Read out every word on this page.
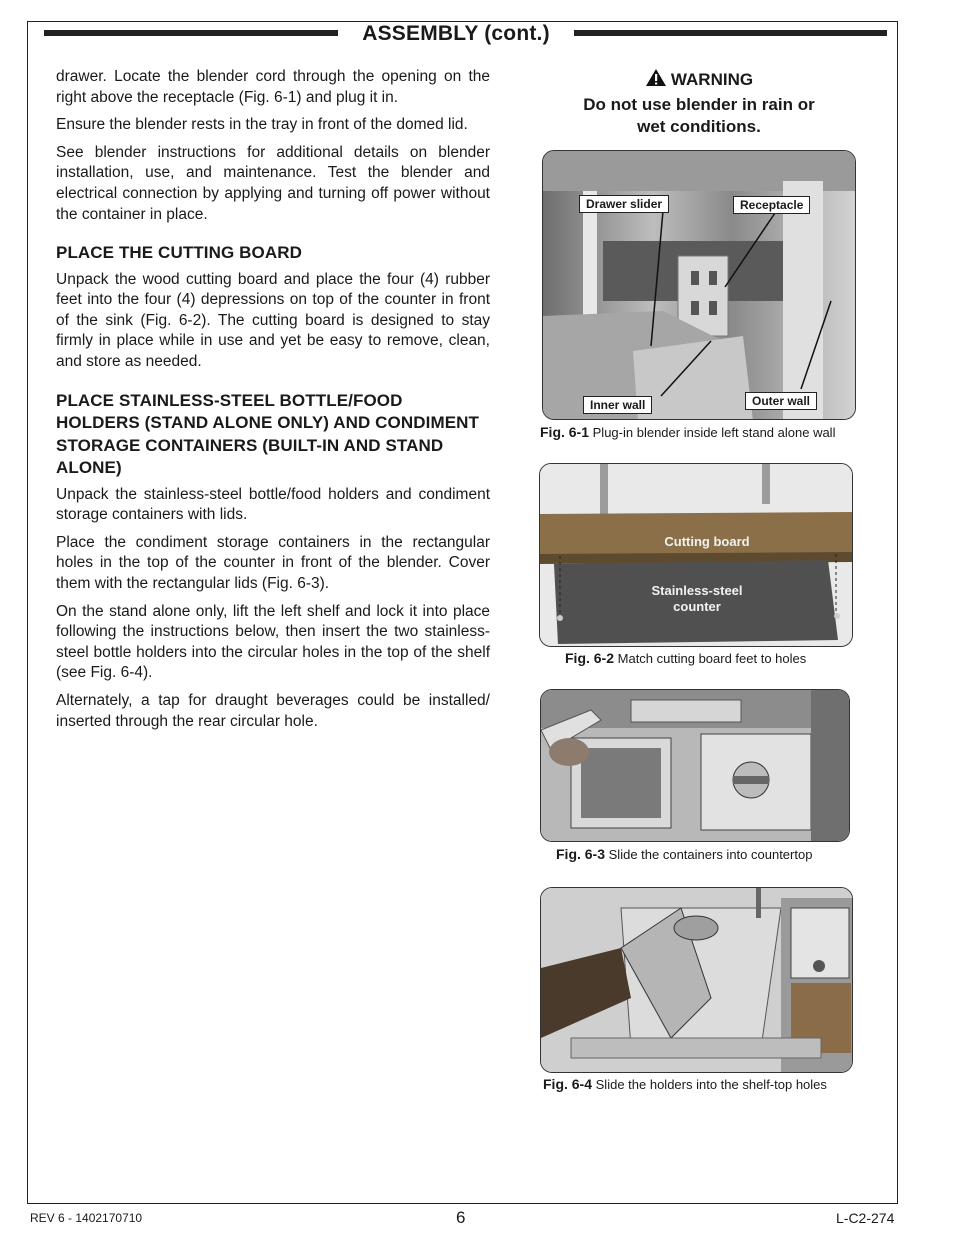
ASSEMBLY (cont.)

drawer. Locate the blender cord through the opening on the right above the receptacle (Fig. 6-1) and plug it in.

Ensure the blender rests in the tray in front of the domed lid.

See blender instructions for additional details on blender installation, use, and maintenance. Test the blender and electrical connection by applying and turning off power without the container in place.

PLACE THE CUTTING BOARD

Unpack the wood cutting board and place the four (4) rubber feet into the four (4) depressions on top of the counter in front of the sink (Fig. 6-2). The cutting board is designed to stay firmly in place while in use and yet be easy to remove, clean, and store as needed.

PLACE STAINLESS-STEEL BOTTLE/FOOD HOLDERS (STAND ALONE ONLY) AND CONDIMENT STORAGE CONTAINERS (BUILT-IN AND STAND ALONE)

Unpack the stainless-steel bottle/food holders and condiment storage containers with lids.

Place the condiment storage containers in the rectangular holes in the top of the counter in front of the blender. Cover them with the rectangular lids (Fig. 6-3).

On the stand alone only, lift the left shelf and lock it into place following the instructions below, then insert the two stainless-steel bottle holders into the circular holes in the top of the shelf (see Fig. 6-4).

Alternately, a tap for draught beverages could be installed/ inserted through the rear circular hole.

WARNING
Do not use blender in rain or
wet conditions.
Drawer slider	Receptacle
Inner wall	Outer wall
Fig. 6-1 Plug-in blender inside left stand alone wall
Cutting board
Stainless-steel
counter
Fig. 6-2 Match cutting board feet to holes
Fig. 6-3 Slide the containers into countertop
Fig. 6-4 Slide the holders into the shelf-top holes
REV 6 - 1402170710	6	L-C2-274
